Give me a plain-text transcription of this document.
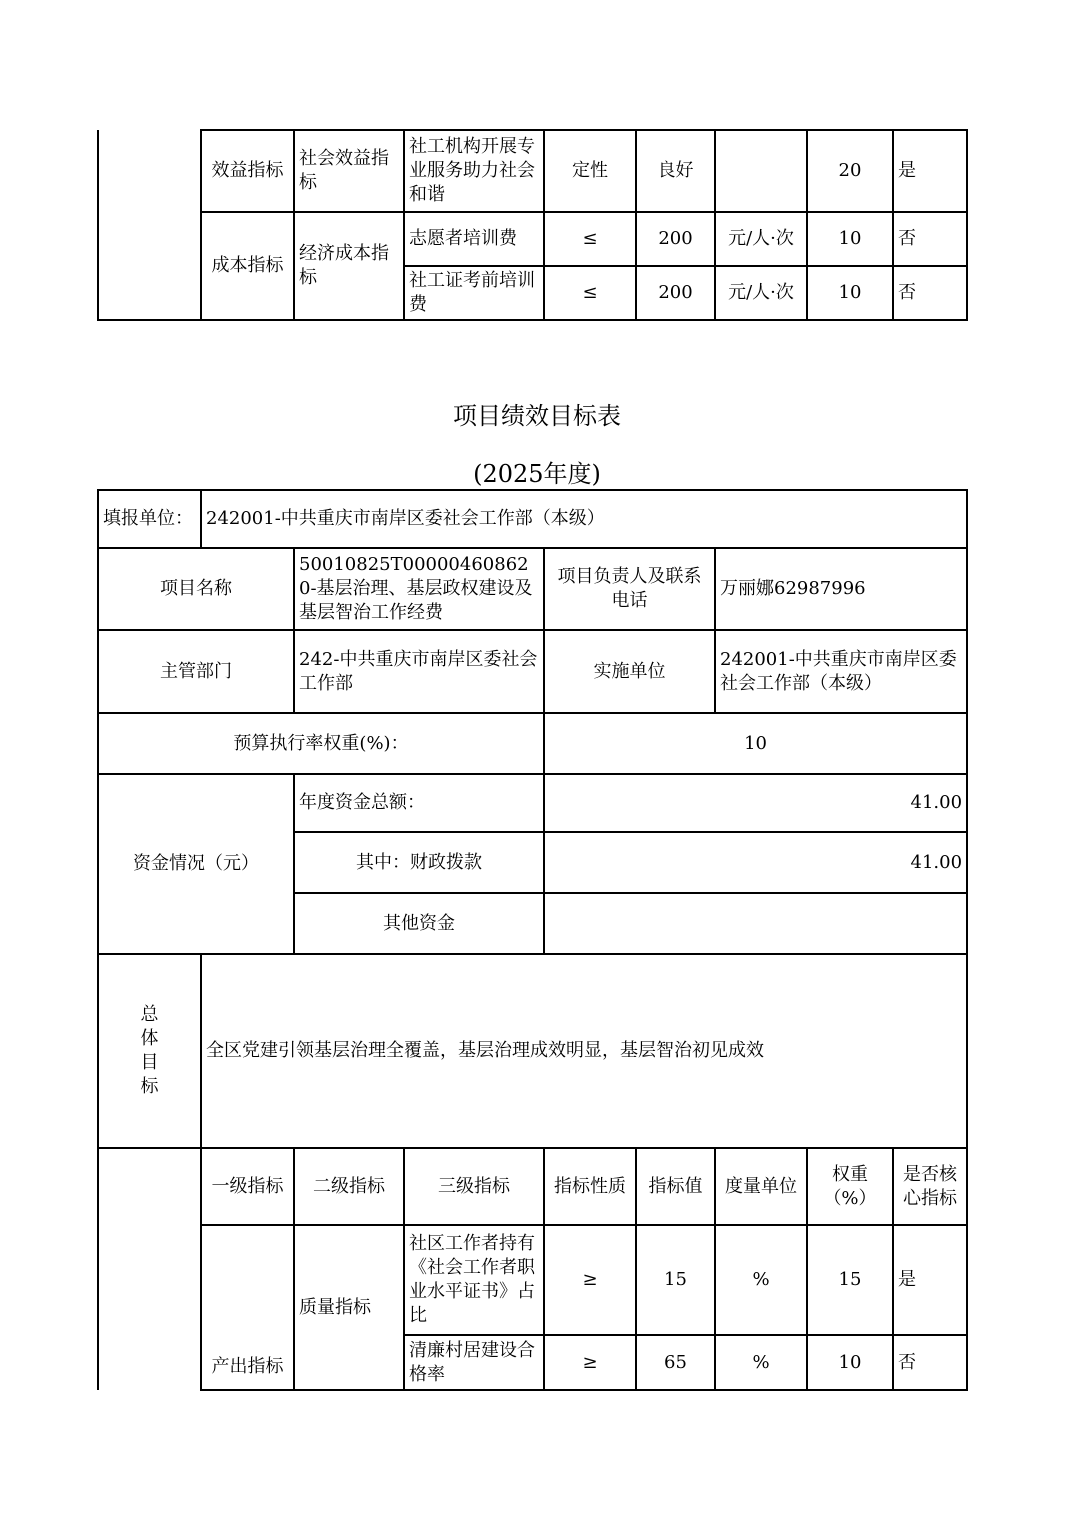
	效益指标	社会效益指标	社工机构开展专业服务助力社会和谐	定性	良好		20	是
	成本指标	经济成本指标	志愿者培训费	≤	200	元/人·次	10	否
			社工证考前培训费	≤	200	元/人·次	10	否
项目绩效目标表
(2025年度)
填报单位：	242001-中共重庆市南岸区委社会工作部（本级）							
项目名称		50010825T000004608620-基层治理、基层政权建设及基层智治工作经费		项目负责人及联系电话		万丽娜62987996		
主管部门		242-中共重庆市南岸区委社会工作部		实施单位		242001-中共重庆市南岸区委社会工作部（本级）		
预算执行率权重(%)：				10				
资金情况（元）		年度资金总额：		41.00				
		其中：财政拨款		41.00				
		其他资金						
总体目标	全区党建引领基层治理全覆盖，基层治理成效明显，基层智治初见成效							
	一级指标	二级指标	三级指标	指标性质	指标值	度量单位	权重（%）	是否核心指标
	产出指标	质量指标	社区工作者持有《社会工作者职业水平证书》占比	≥	15	%	15	是
			清廉村居建设合格率	≥	65	%	10	否
